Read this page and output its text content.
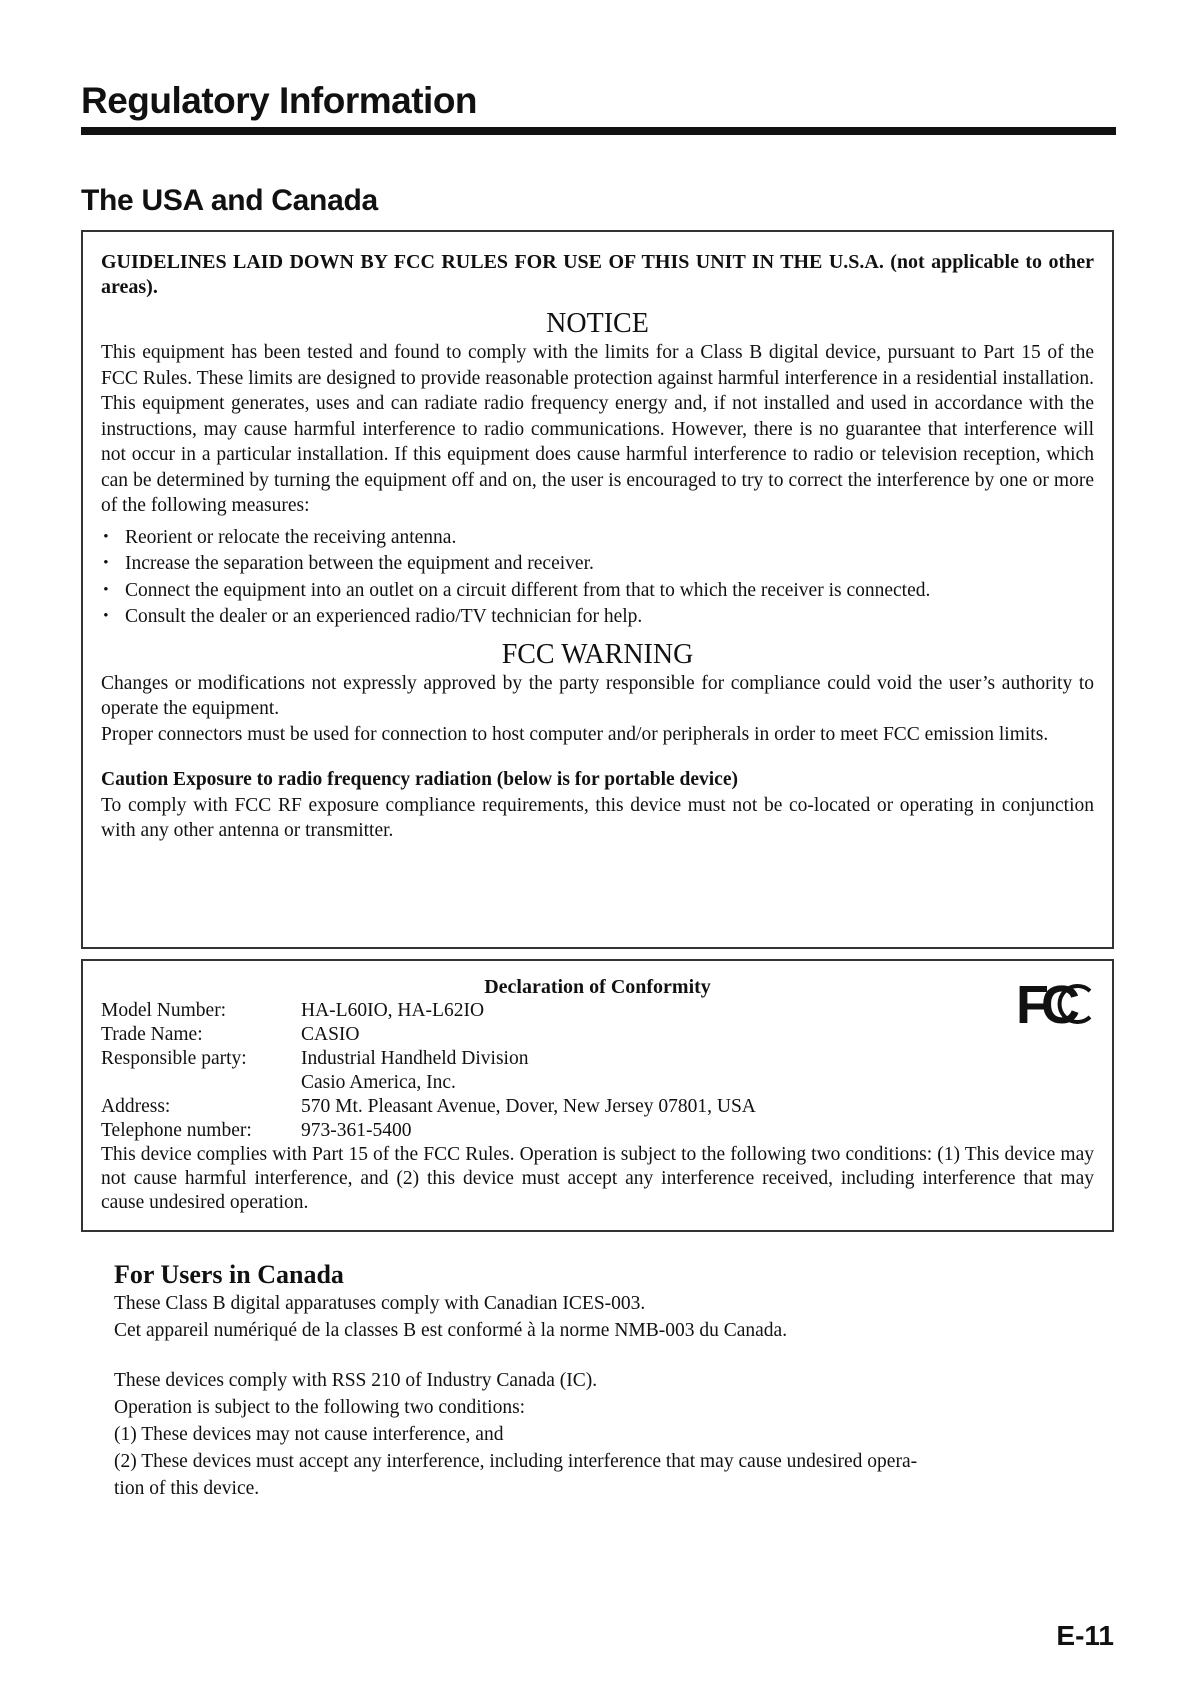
Regulatory Information
The USA and Canada

GUIDELINES LAID DOWN BY FCC RULES FOR USE OF THIS UNIT IN THE U.S.A. (not applicable to other areas).

NOTICE

This equipment has been tested and found to comply with the limits for a Class B digital device, pursuant to Part 15 of the FCC Rules. These limits are designed to provide reasonable protection against harmful interference in a residential installation. This equipment generates, uses and can radiate radio frequency energy and, if not installed and used in accordance with the instructions, may cause harmful interference to radio communications. However, there is no guarantee that interference will not occur in a particular installation. If this equipment does cause harmful interference to radio or television reception, which can be determined by turning the equipment off and on, the user is encouraged to try to correct the interference by one or more of the following measures:

･ Reorient or relocate the receiving antenna.
･ Increase the separation between the equipment and receiver.
･ Connect the equipment into an outlet on a circuit different from that to which the receiver is connected.
･ Consult the dealer or an experienced radio/TV technician for help.
FCC WARNING

Changes or modifications not expressly approved by the party responsible for compliance could void the user’s authority to operate the equipment.

Proper connectors must be used for connection to host computer and/or peripherals in order to meet FCC emission limits.

Caution Exposure to radio frequency radiation (below is for portable device)

To comply with FCC RF exposure compliance requirements, this device must not be co-located or operating in conjunction with any other antenna or transmitter.

FC

Declaration of Conformity

Model Number:	HA-L60IO, HA-L62IO
Trade Name:	CASIO
Responsible party:	Industrial Handheld Division
Casio America, Inc.
Address:	570 Mt. Pleasant Avenue, Dover, New Jersey 07801, USA
Telephone number:	973-361-5400

This device complies with Part 15 of the FCC Rules. Operation is subject to the following two conditions: (1) This device may not cause harmful interference, and (2) this device must accept any interference received, including interference that may cause undesired operation.

For Users in Canada

These Class B digital apparatuses comply with Canadian ICES-003.

Cet appareil numériqué de la classes B est conformé à la norme NMB-003 du Canada.

These devices comply with RSS 210 of Industry Canada (IC).

Operation is subject to the following two conditions:

(1) These devices may not cause interference, and

(2) These devices must accept any interference, including interference that may cause undesired opera-

tion of this device.

E-11
